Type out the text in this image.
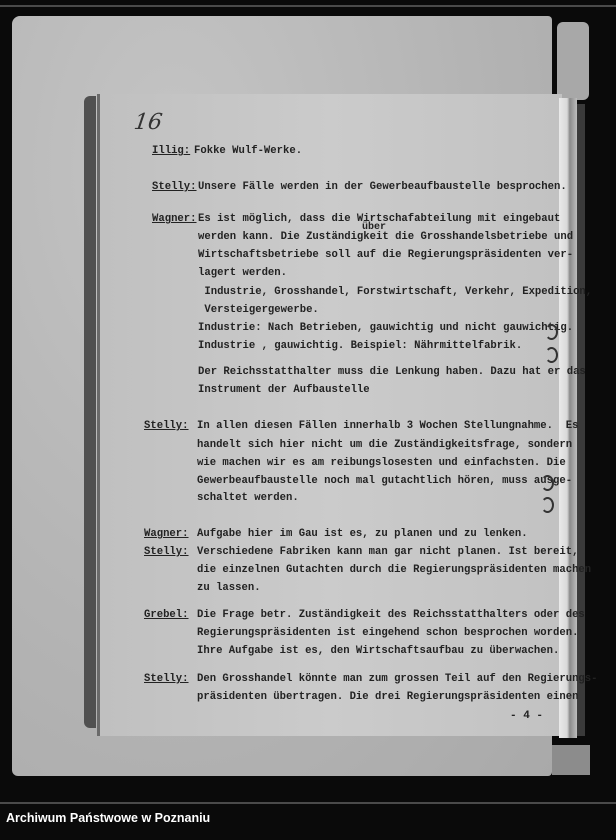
16
Illig: Fokke Wulf-Werke.
Stelly: Unsere Fälle werden in der Gewerbeaufbaustelle besprochen.
Wagner: Es ist möglich, dass die Wirtschafabteilung mit eingebaut
über
werden kann. Die Zuständigkeit die Grosshandelsbetriebe und
Wirtschaftsbetriebe soll auf die Regierungspräsidenten ver-
lagert werden.
Industrie, Grosshandel, Forstwirtschaft, Verkehr, Expedition,
Versteigergewerbe.
Industrie: Nach Betrieben, gauwichtig und nicht gauwichtig.
Industrie , gauwichtig. Beispiel: Nährmittelfabrik.
Der Reichsstatthalter muss die Lenkung haben. Dazu hat er das
Instrument der Aufbaustelle
Stelly: In allen diesen Fällen innerhalb 3 Wochen Stellungnahme.  Es
handelt sich hier nicht um die Zuständigkeitsfrage, sondern
wie machen wir es am reibungslosesten und einfachsten. Die
Gewerbeaufbaustelle noch mal gutachtlich hören, muss ausge-
schaltet werden.
Wagner: Aufgabe hier im Gau ist es, zu planen und zu lenken.
Stelly: Verschiedene Fabriken kann man gar nicht planen. Ist bereit,
die einzelnen Gutachten durch die Regierungspräsidenten machen
zu lassen.
Grebel: Die Frage betr. Zuständigkeit des Reichsstatthalters oder des
Regierungspräsidenten ist eingehend schon besprochen worden.
Ihre Aufgabe ist es, den Wirtschaftsaufbau zu überwachen.
Stelly: Den Grosshandel könnte man zum grossen Teil auf den Regierungs-
präsidenten übertragen. Die drei Regierungspräsidenten einen
- 4 -
Archiwum Państwowe w Poznaniu
